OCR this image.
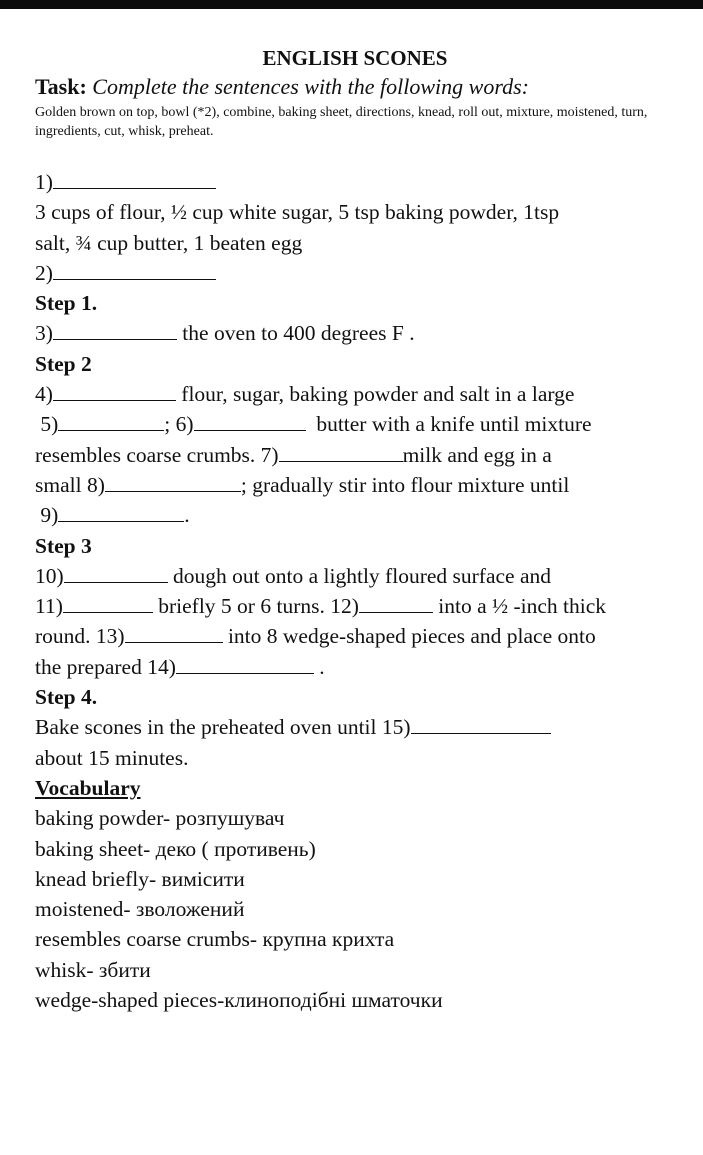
ENGLISH SCONES
Task: Complete the sentences with the following words:
Golden brown on top, bowl (*2), combine, baking sheet, directions, knead, roll out, mixture, moistened, turn, ingredients, cut, whisk, preheat.
1)
3 cups of flour, ½ cup white sugar, 5 tsp baking powder, 1tsp
salt, ¾ cup butter, 1 beaten egg
2)
Step 1.
3)	the oven to 400 degrees F .
Step 2
4)	flour, sugar, baking powder and salt in a large
5)	; 6)	butter with a knife until mixture
resembles coarse crumbs. 7)	milk and egg in a
small 8)	; gradually stir into flour mixture until
9)	.
Step 3
10)	dough out onto a lightly floured surface and
11)	briefly 5 or 6 turns. 12)	into a ½ -inch thick
round. 13)	into 8 wedge-shaped pieces and place onto
the prepared 14)	.
Step 4.
Bake scones in the preheated oven until 15)
about 15 minutes.
Vocabulary
baking powder- розпушувач
baking sheet- деко ( противень)
knead briefly- вимісити
moistened- зволожений
resembles coarse crumbs- крупна крихта
whisk- збити
wedge-shaped pieces-клиноподібні шматочки
